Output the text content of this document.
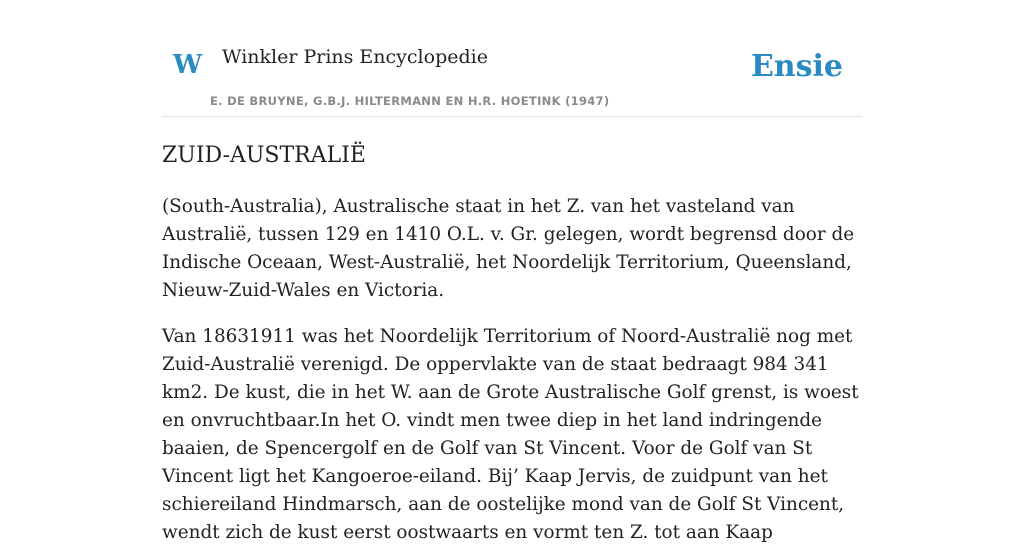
W Winkler Prins Encyclopedie	Ensie
E. DE BRUYNE, G.B.J. HILTERMANN EN H.R. HOETINK (1947)
ZUID-AUSTRALIË

(South-Australia), Australische staat in het Z. van het vasteland van Australië, tussen 129 en 1410 O.L. v. Gr. gelegen, wordt begrensd door de Indische Oceaan, West-Australië, het Noordelijk Territorium, Queensland, Nieuw-Zuid-Wales en Victoria.

Van 18631911 was het Noordelijk Territorium of Noord-Australië nog met Zuid-Australië verenigd. De oppervlakte van de staat bedraagt 984 341 km2. De kust, die in het W. aan de Grote Australische Golf grenst, is woest en onvruchtbaar.In het O. vindt men twee diep in het land indringende baaien, de Spencergolf en de Golf van St Vincent. Voor de Golf van St Vincent ligt het Kangoeroe-eiland. Bij’ Kaap Jervis, de zuidpunt van het schiereiland Hindmarsch, aan de oostelijke mond van de Golf St Vincent, wendt zich de kust eerst oostwaarts en vormt ten Z. tot aan Kaap
